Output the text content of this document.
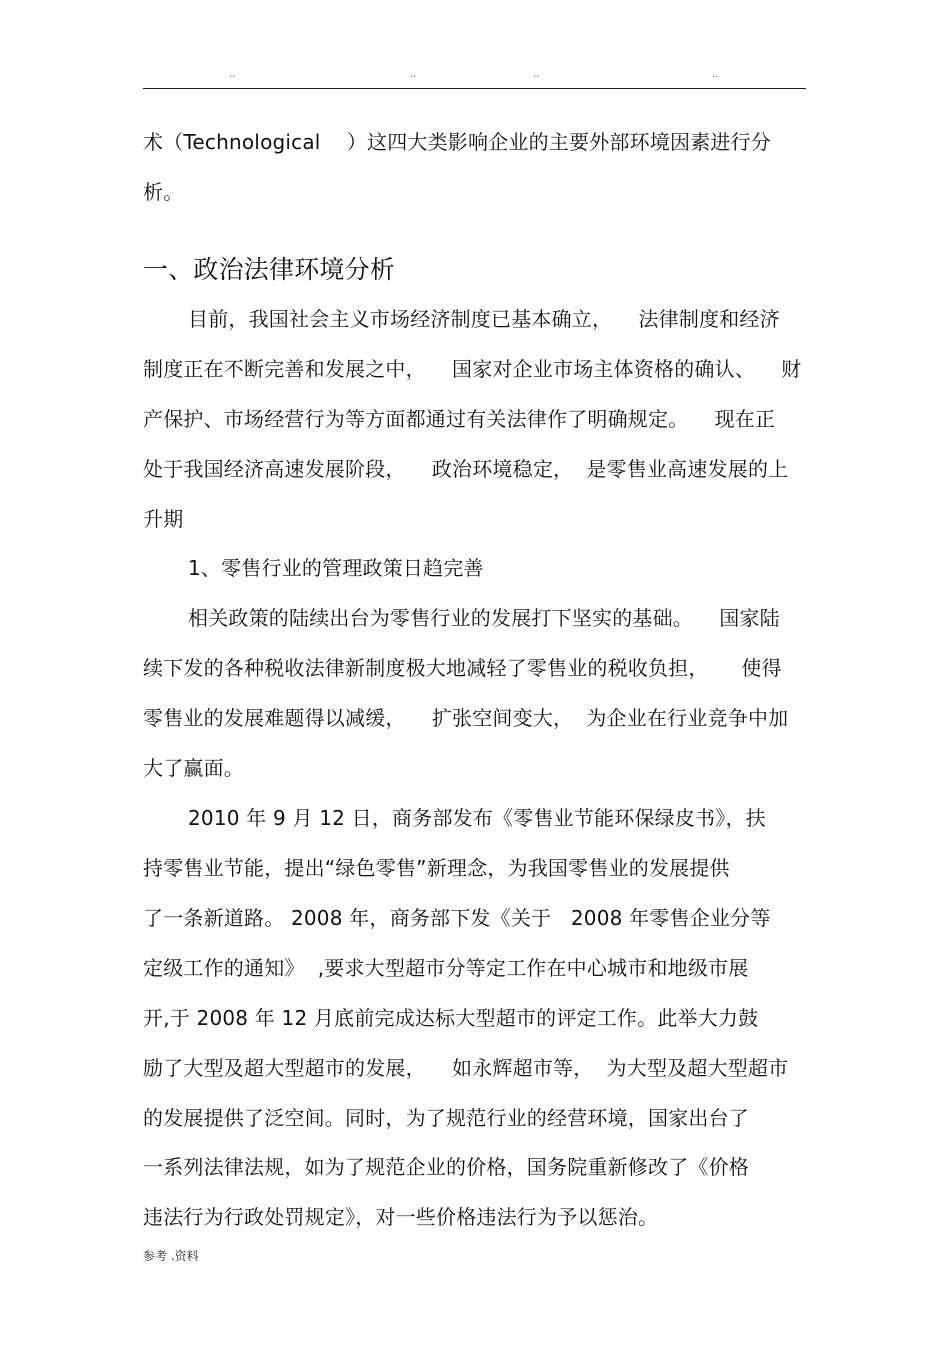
..	..	..	..
术（Technological    ）这四大类影响企业的主要外部环境因素进行分
析。
一、政治法律环境分析
目前，我国社会主义市场经济制度已基本确立，    法律制度和经济
制度正在不断完善和发展之中，    国家对企业市场主体资格的确认、    财
产保护、市场经营行为等方面都通过有关法律作了明确规定。    现在正
处于我国经济高速发展阶段，    政治环境稳定，  是零售业高速发展的上
升期
1、零售行业的管理政策日趋完善
相关政策的陆续出台为零售行业的发展打下坚实的基础。    国家陆
续下发的各种税收法律新制度极大地减轻了零售业的税收负担，     使得
零售业的发展难题得以减缓，    扩张空间变大，  为企业在行业竞争中加
大了赢面。
2010 年 9 月 12 日，商务部发布《零售业节能环保绿皮书》，扶
持零售业节能，提出“绿色零售”新理念，为我国零售业的发展提供
了一条新道路。 2008 年，商务部下发《关于   2008 年零售企业分等
定级工作的通知》  ,要求大型超市分等定工作在中心城市和地级市展
开,于 2008 年 12 月底前完成达标大型超市的评定工作。此举大力鼓
励了大型及超大型超市的发展，    如永辉超市等，  为大型及超大型超市
的发展提供了泛空间。同时，为了规范行业的经营环境，国家出台了
一系列法律法规，如为了规范企业的价格，国务院重新修改了《价格
违法行为行政处罚规定》，对一些价格违法行为予以惩治。
参考 .资料
